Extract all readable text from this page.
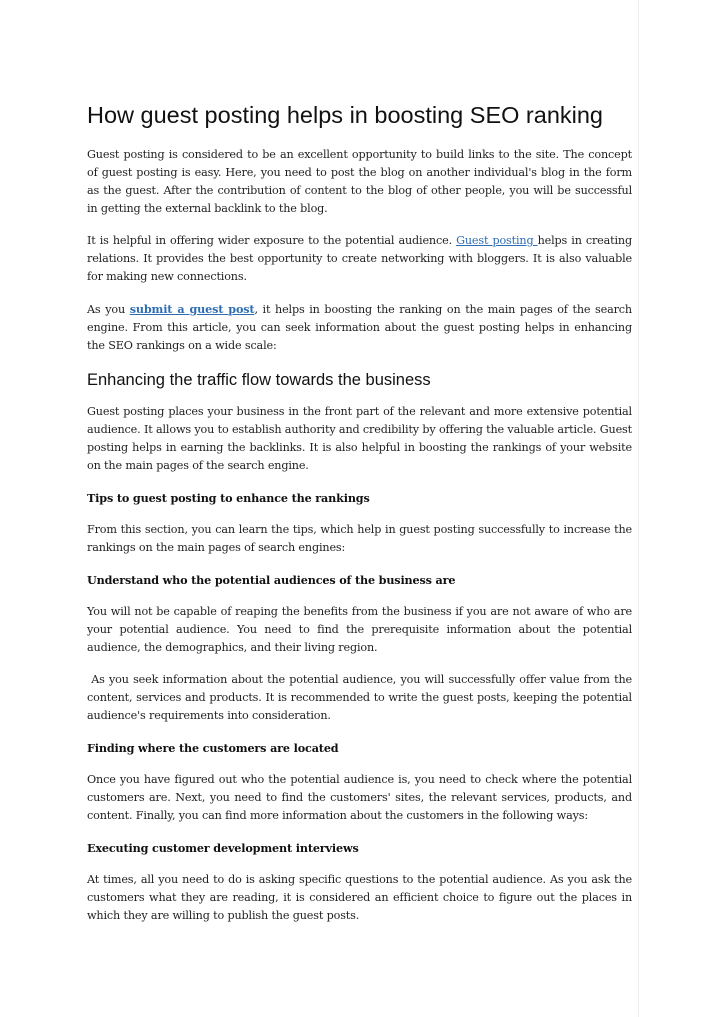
How guest posting helps in boosting SEO ranking

Guest posting is considered to be an excellent opportunity to build links to the site. The concept of guest posting is easy. Here, you need to post the blog on another individual's blog in the form as the guest. After the contribution of content to the blog of other people, you will be successful in getting the external backlink to the blog.

It is helpful in offering wider exposure to the potential audience. Guest posting helps in creating relations. It provides the best opportunity to create networking with bloggers. It is also valuable for making new connections.

As you submit a guest post, it helps in boosting the ranking on the main pages of the search engine. From this article, you can seek information about the guest posting helps in enhancing the SEO rankings on a wide scale:

Enhancing the traffic flow towards the business

Guest posting places your business in the front part of the relevant and more extensive potential audience. It allows you to establish authority and credibility by offering the valuable article. Guest posting helps in earning the backlinks. It is also helpful in boosting the rankings of your website on the main pages of the search engine.

Tips to guest posting to enhance the rankings

From this section, you can learn the tips, which help in guest posting successfully to increase the rankings on the main pages of search engines:

Understand who the potential audiences of the business are

You will not be capable of reaping the benefits from the business if you are not aware of who are your potential audience. You need to find the prerequisite information about the potential audience, the demographics, and their living region.

As you seek information about the potential audience, you will successfully offer value from the content, services and products. It is recommended to write the guest posts, keeping the potential audience's requirements into consideration.

Finding where the customers are located

Once you have figured out who the potential audience is, you need to check where the potential customers are. Next, you need to find the customers' sites, the relevant services, products, and content. Finally, you can find more information about the customers in the following ways:

Executing customer development interviews

At times, all you need to do is asking specific questions to the potential audience. As you ask the customers what they are reading, it is considered an efficient choice to figure out the places in which they are willing to publish the guest posts.
